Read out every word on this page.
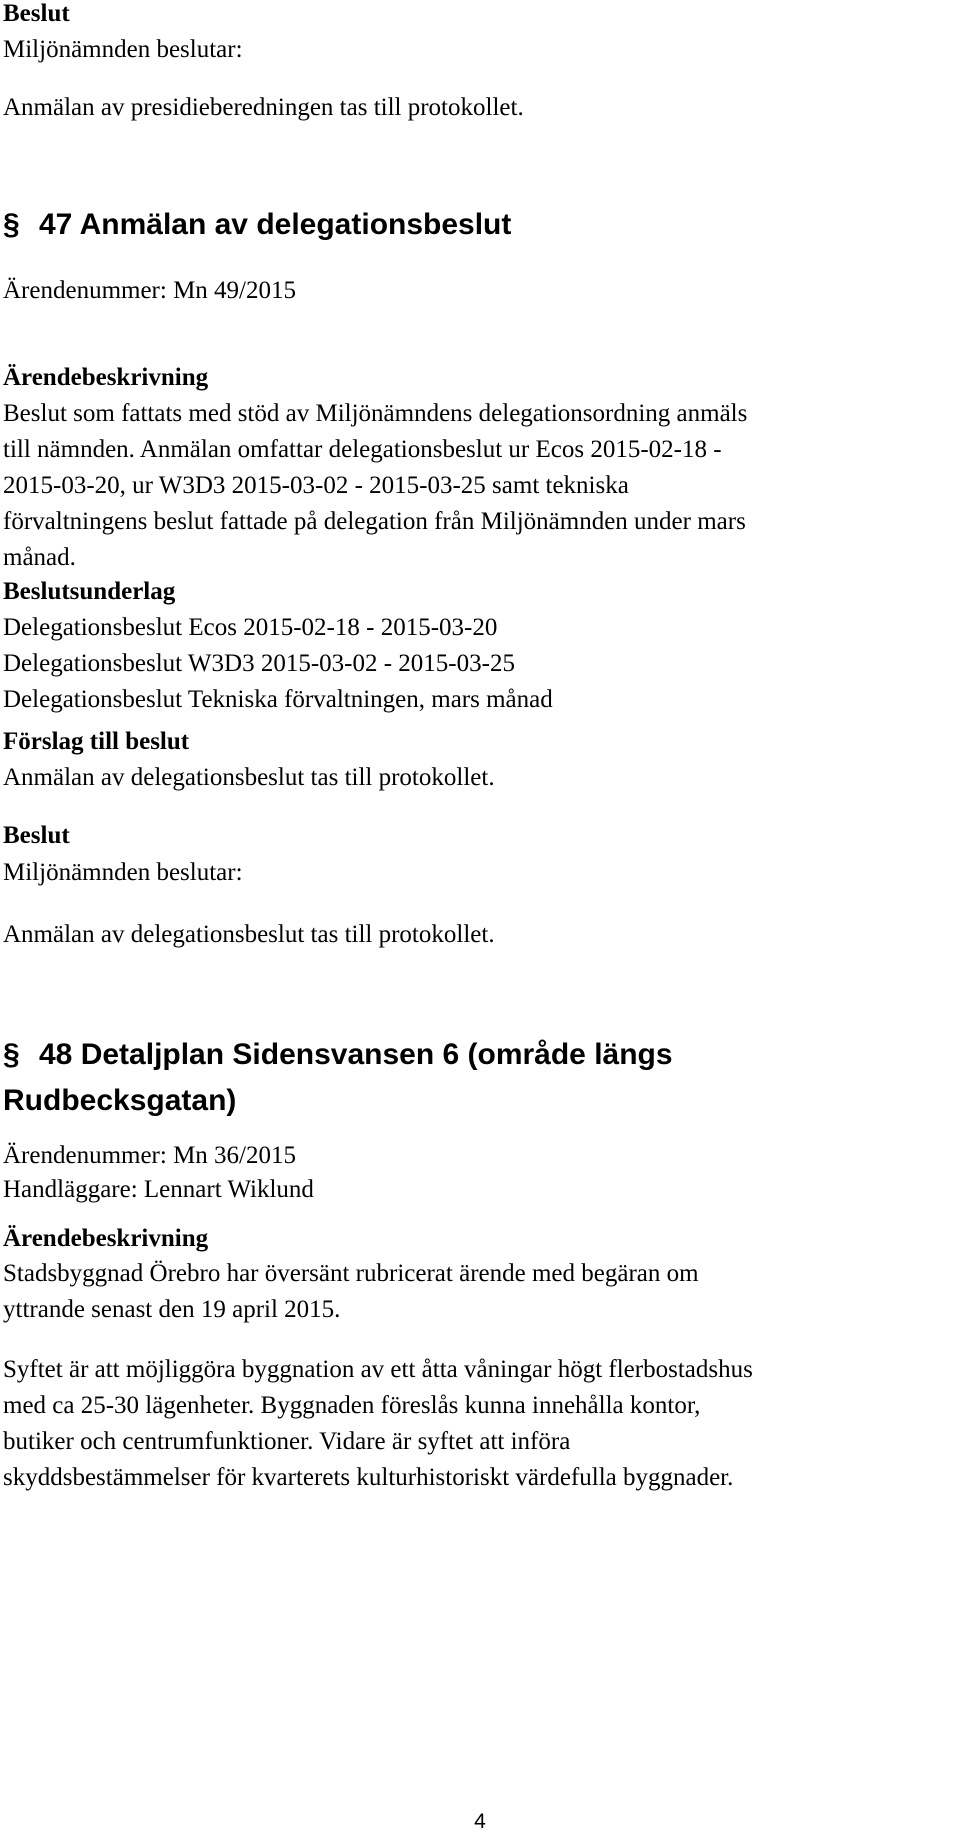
Beslut
Miljönämnden beslutar:
Anmälan av presidieberedningen tas till protokollet.
§ 47 Anmälan av delegationsbeslut
Ärendenummer: Mn 49/2015
Ärendebeskrivning
Beslut som fattats med stöd av Miljönämndens delegationsordning anmäls
till nämnden. Anmälan omfattar delegationsbeslut ur Ecos 2015-02-18 -
2015-03-20, ur W3D3 2015-03-02 - 2015-03-25 samt tekniska
förvaltningens beslut fattade på delegation från Miljönämnden under mars
månad.
Beslutsunderlag
Delegationsbeslut Ecos 2015-02-18 - 2015-03-20
Delegationsbeslut W3D3 2015-03-02 - 2015-03-25
Delegationsbeslut Tekniska förvaltningen, mars månad
Förslag till beslut
Anmälan av delegationsbeslut tas till protokollet.
Beslut
Miljönämnden beslutar:
Anmälan av delegationsbeslut tas till protokollet.
§ 48 Detaljplan Sidensvansen 6 (område längs
Rudbecksgatan)
Ärendenummer: Mn 36/2015
Handläggare: Lennart Wiklund
Ärendebeskrivning
Stadsbyggnad Örebro har översänt rubricerat ärende med begäran om
yttrande senast den 19 april 2015.
Syftet är att möjliggöra byggnation av ett åtta våningar högt flerbostadshus
med ca 25-30 lägenheter. Byggnaden föreslås kunna innehålla kontor,
butiker och centrumfunktioner. Vidare är syftet att införa
skyddsbestämmelser för kvarterets kulturhistoriskt värdefulla byggnader.
4
